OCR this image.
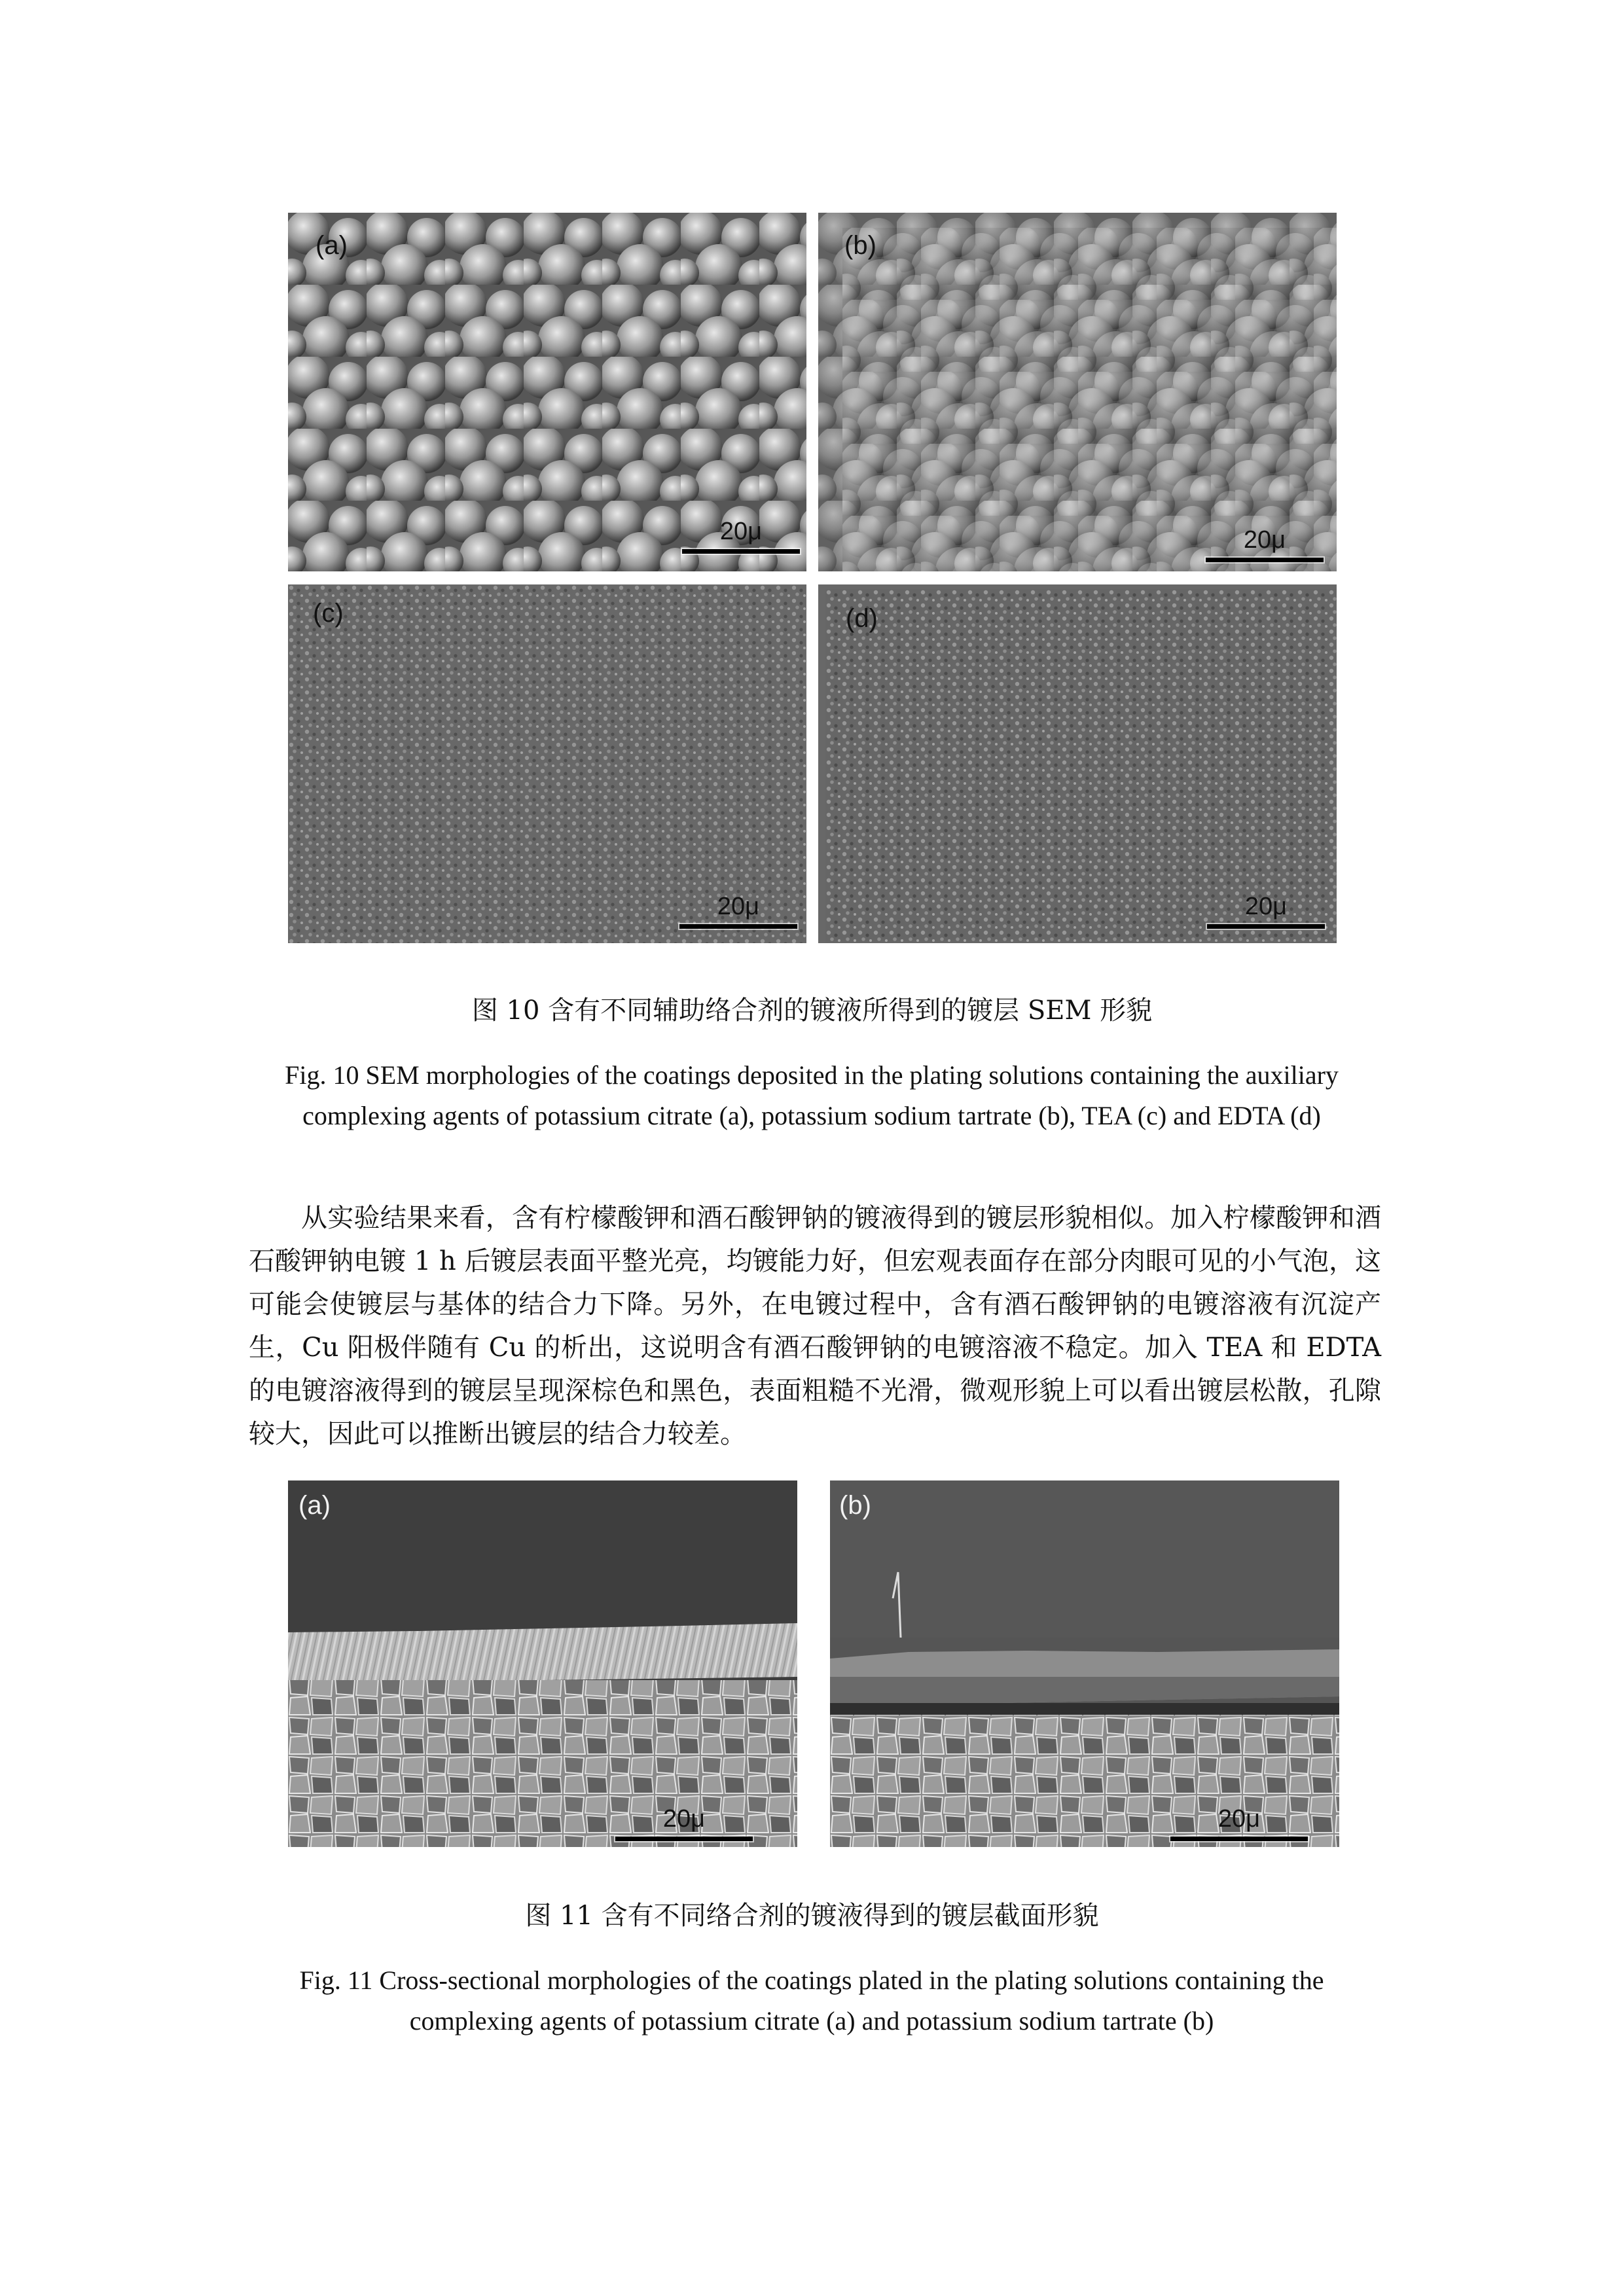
(a)
20μ
(b)
20μ
(c)
20μ
(d)
20μ
图 10 含有不同辅助络合剂的镀液所得到的镀层 SEM 形貌
Fig. 10 SEM morphologies of the coatings deposited in the plating solutions containing the auxiliary complexing agents of potassium citrate (a), potassium sodium tartrate (b), TEA (c) and EDTA (d)

从实验结果来看，含有柠檬酸钾和酒石酸钾钠的镀液得到的镀层形貌相似。加入柠檬酸钾和酒石酸钾钠电镀 1 h 后镀层表面平整光亮，均镀能力好，但宏观表面存在部分肉眼可见的小气泡，这可能会使镀层与基体的结合力下降。另外，在电镀过程中，含有酒石酸钾钠的电镀溶液有沉淀产生，Cu 阳极伴随有 Cu 的析出，这说明含有酒石酸钾钠的电镀溶液不稳定。加入 TEA 和 EDTA 的电镀溶液得到的镀层呈现深棕色和黑色，表面粗糙不光滑，微观形貌上可以看出镀层松散，孔隙较大，因此可以推断出镀层的结合力较差。

(a)
20μ
(b)
20μ
图 11 含有不同络合剂的镀液得到的镀层截面形貌
Fig. 11 Cross-sectional morphologies of the coatings plated in the plating solutions containing the complexing agents of potassium citrate (a) and potassium sodium tartrate (b)
